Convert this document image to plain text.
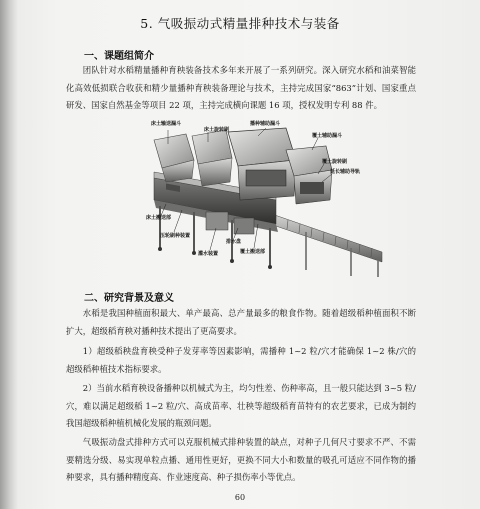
5. 气吸振动式精量排种技术与装备
一、课题组简介

团队针对水稻精量播种育秧装备技术多年来开展了一系列研究。深入研究水稻和油菜智能化高效低损联合收获和精少量播种育秧装备理论与技术，主持完成国家“863”计划、国家重点研发、国家自然基金等项目 22 项，主持完成横向课题 16 项，授权发明专利 88 件。

床土输送漏斗
床土旋转刷
播种辅助漏斗
覆土辅助漏斗
覆土旋转刷
延长辅助导轨
床土搬送部
压轮刷种装置
灌水装置
排水盘
覆土搬送部
二、研究背景及意义

水稻是我国种植面积最大、单产最高、总产量最多的粮食作物。随着超级稻种植面积不断扩大，超级稻育秧对播种技术提出了更高要求。

1）超级稻秧盘育秧受种子发芽率等因素影响，需播种 1~2 粒/穴才能确保 1~2 株/穴的超级稻种植技术指标要求。

2）当前水稻育秧设备播种以机械式为主，均匀性差、伤种率高，且一般只能达到 3~5 粒/穴，难以满足超级稻 1~2 粒/穴、高成苗率、壮秧等超级稻育苗特有的农艺要求，已成为制约我国超级稻种植机械化发展的瓶颈问题。

气吸振动盘式排种方式可以克服机械式排种装置的缺点，对种子几何尺寸要求不严、不需要精选分级、易实现单粒点播、通用性更好，更换不同大小和数量的吸孔可适应不同作物的播种要求，具有播种精度高、作业速度高、种子损伤率小等优点。

60
